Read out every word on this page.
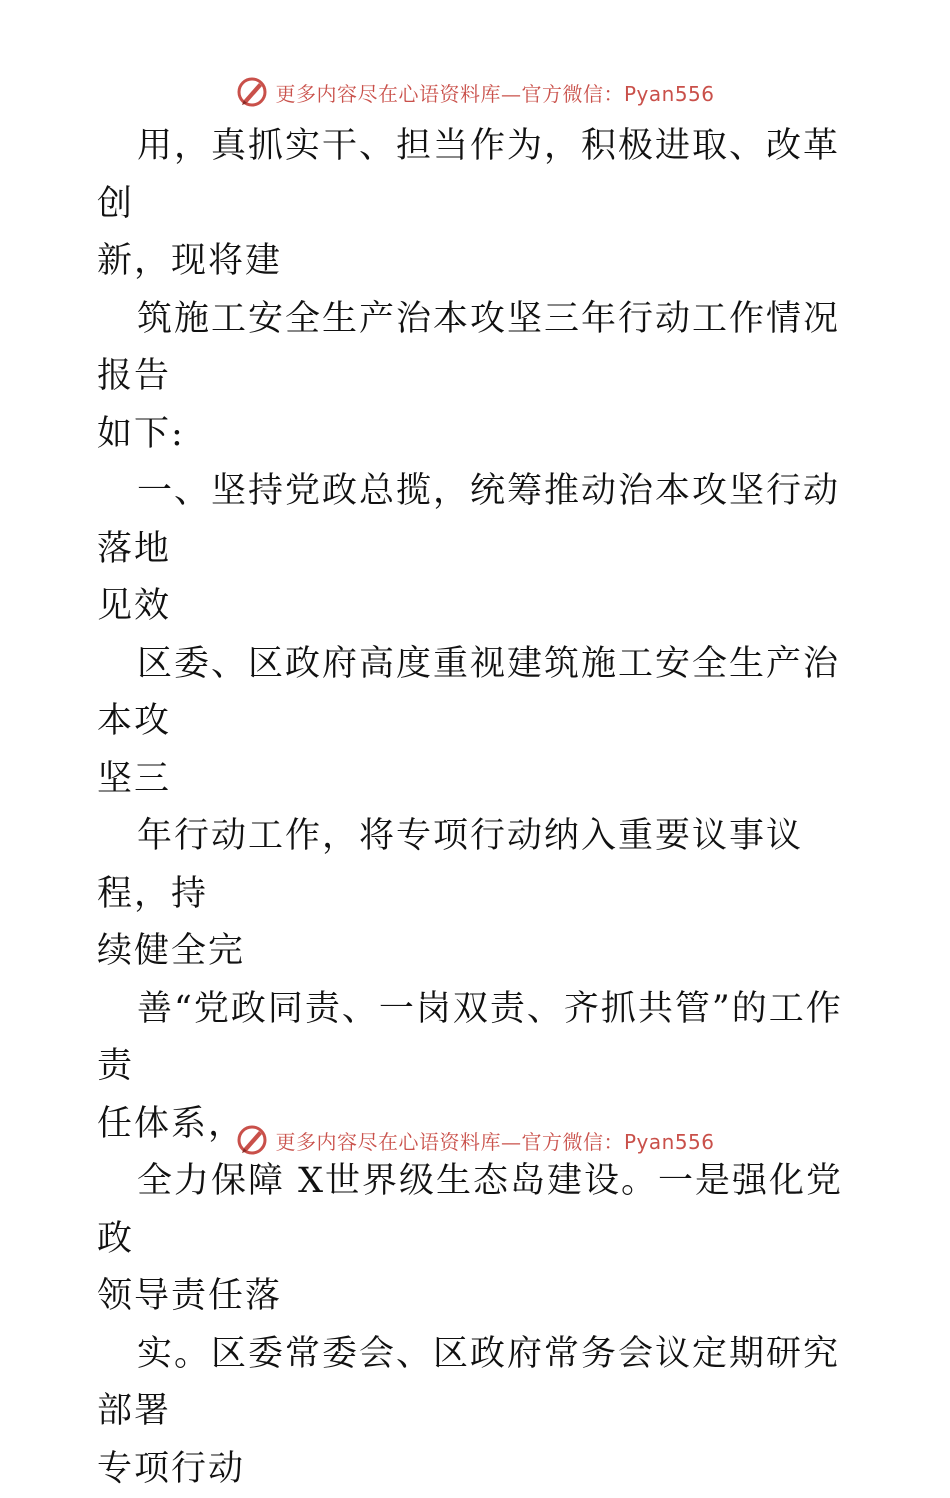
更多内容尽在心语资料库—官方微信：Pyan556

用，真抓实干、担当作为，积极进取、改革创
新，现将建

筑施工安全生产治本攻坚三年行动工作情况报告
如下:

一、坚持党政总揽，统筹推动治本攻坚行动落地
见效

区委、区政府高度重视建筑施工安全生产治本攻
坚三

年行动工作，将专项行动纳入重要议事议程，持
续健全完

善“党政同责、一岗双责、齐抓共管”的工作责
任体系，

全力保障 X世界级生态岛建设。一是强化党政
领导责任落

实。区委常委会、区政府常务会议定期研究部署
专项行动

更多内容尽在心语资料库—官方微信：Pyan556
